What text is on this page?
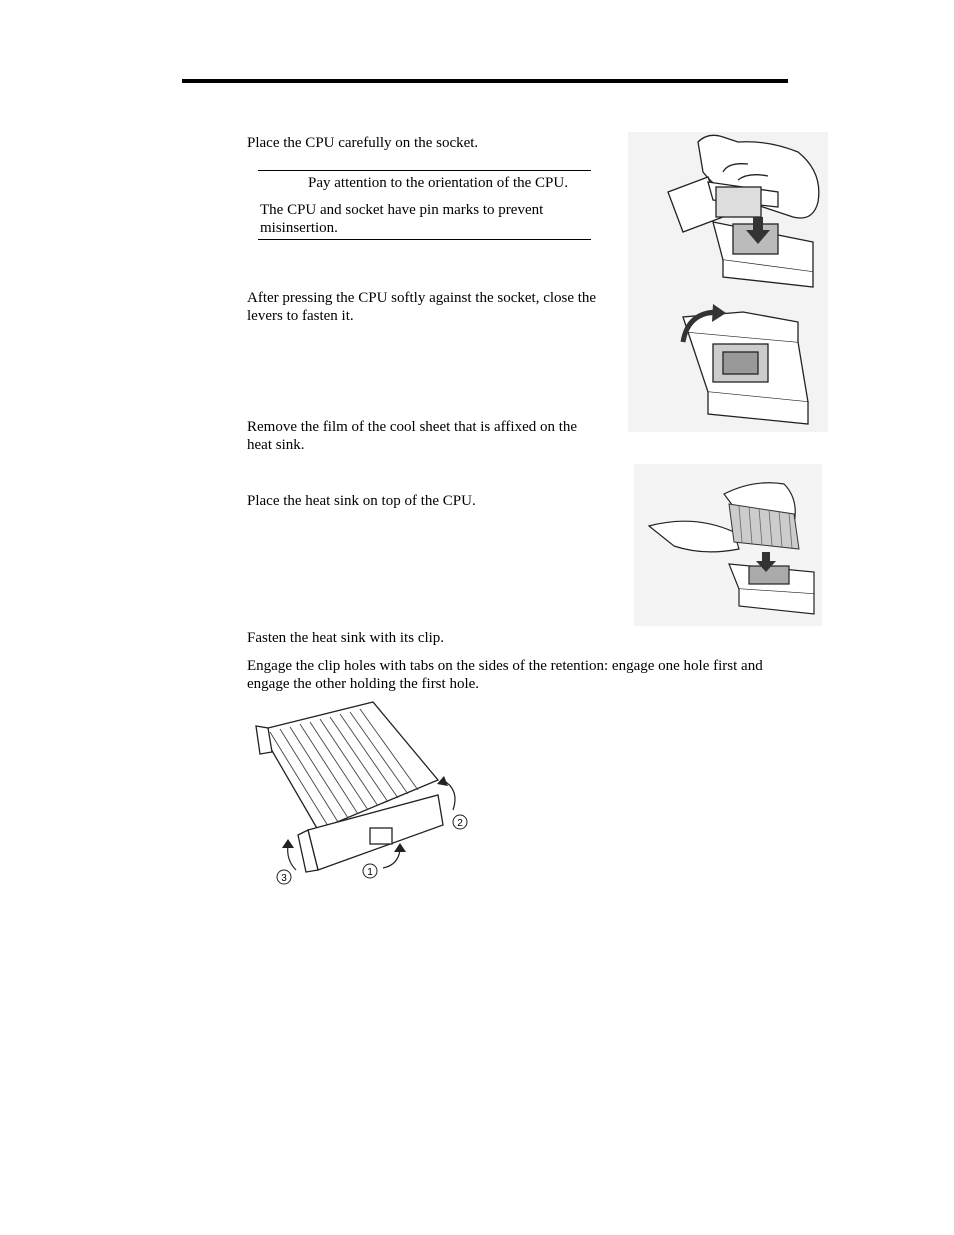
Place the CPU carefully on the socket.

Pay attention to the orientation of the CPU.

The CPU and socket have pin marks to prevent misinsertion.

After pressing the CPU softly against the socket, close the levers to fasten it.

Remove the film of the cool sheet that is affixed on the heat sink.

Place the heat sink on top of the CPU.

Fasten the heat sink with its clip.

Engage the clip holes with tabs on the sides of the retention: engage one hole first and engage the other holding the first hole.

1
2
3
